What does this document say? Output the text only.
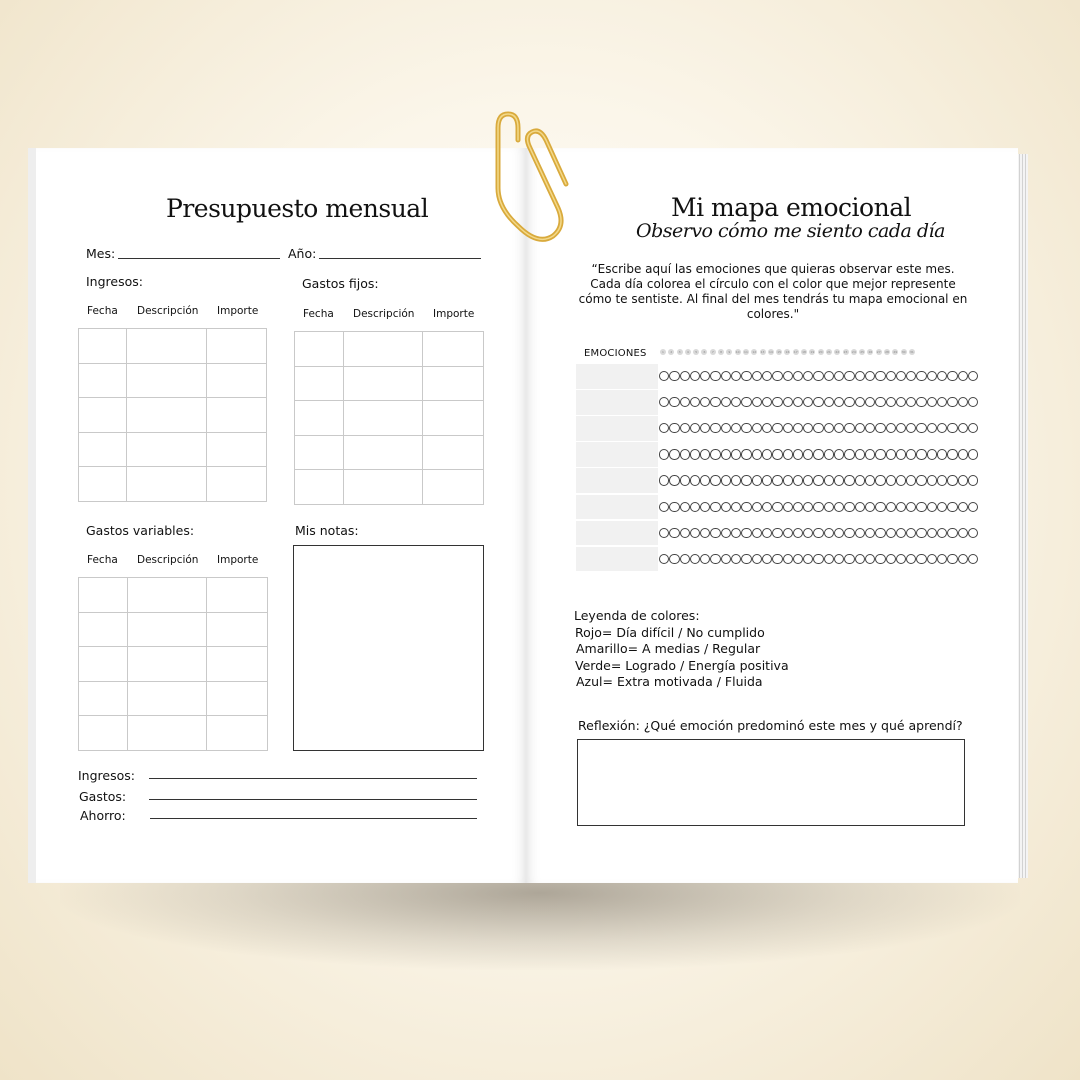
Presupuesto mensual
Mes:	Año:
Ingresos:
Fecha Descripción Importe

Gastos fijos:
Fecha Descripción Importe

Gastos variables:
Fecha Descripción Importe

Mis notas:
Ingresos:
Gastos:
Ahorro:
Mi mapa emocional
Observo cómo me siento cada día
“Escribe aquí las emociones que quieras observar este mes. Cada día colorea el círculo con el color que mejor represente cómo te sentiste. Al final del mes tendrás tu mapa emocional en colores."
EMOCIONES	1	2	3	4	5	6	7	8	9	10	11	12	13	14	15	16	17	18	19	20	21	22	23	24	25	26	27	28	29	30	31
Leyenda de colores:
Rojo= Día difícil / No cumplido
Amarillo= A medias / Regular
Verde= Logrado / Energía positiva
Azul= Extra motivada / Fluida
Reflexión: ¿Qué emoción predominó este mes y qué aprendí?
